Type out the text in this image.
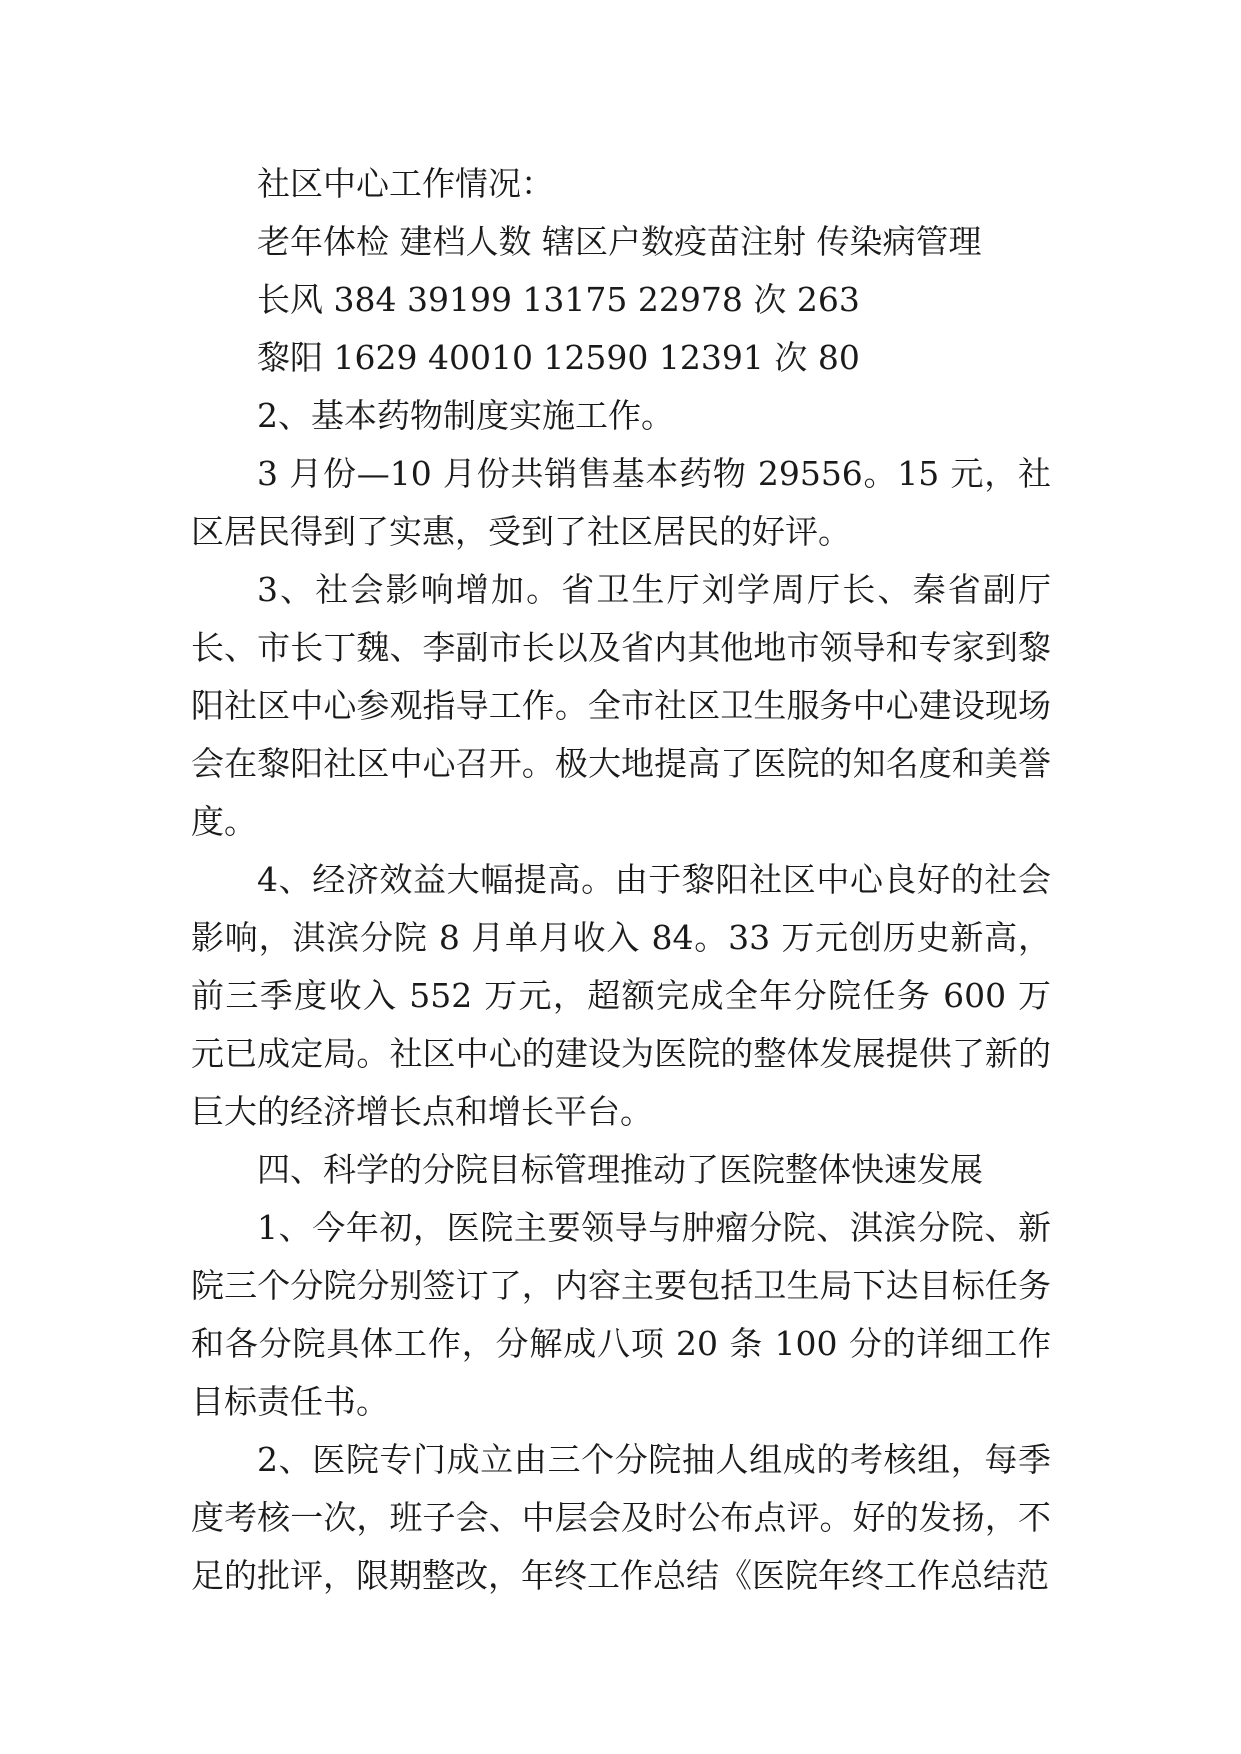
社区中心工作情况：

老年体检 建档人数 辖区户数疫苗注射 传染病管理

长风 384 39199 13175 22978 次 263

黎阳 1629 40010 12590 12391 次 80

2、基本药物制度实施工作。

3 月份—10 月份共销售基本药物 29556。15 元，社区居民得到了实惠，受到了社区居民的好评。

3、社会影响增加。省卫生厅刘学周厅长、秦省副厅长、市长丁魏、李副市长以及省内其他地市领导和专家到黎阳社区中心参观指导工作。全市社区卫生服务中心建设现场会在黎阳社区中心召开。极大地提高了医院的知名度和美誉度。

4、经济效益大幅提高。由于黎阳社区中心良好的社会影响，淇滨分院 8 月单月收入 84。33 万元创历史新高，前三季度收入 552 万元，超额完成全年分院任务 600 万元已成定局。社区中心的建设为医院的整体发展提供了新的巨大的经济增长点和增长平台。

四、科学的分院目标管理推动了医院整体快速发展

1、今年初，医院主要领导与肿瘤分院、淇滨分院、新院三个分院分别签订了，内容主要包括卫生局下达目标任务和各分院具体工作，分解成八项 20 条 100 分的详细工作目标责任书。

2、医院专门成立由三个分院抽人组成的考核组，每季度考核一次，班子会、中层会及时公布点评。好的发扬，不足的批评，限期整改，年终工作总结《医院年终工作总结范
